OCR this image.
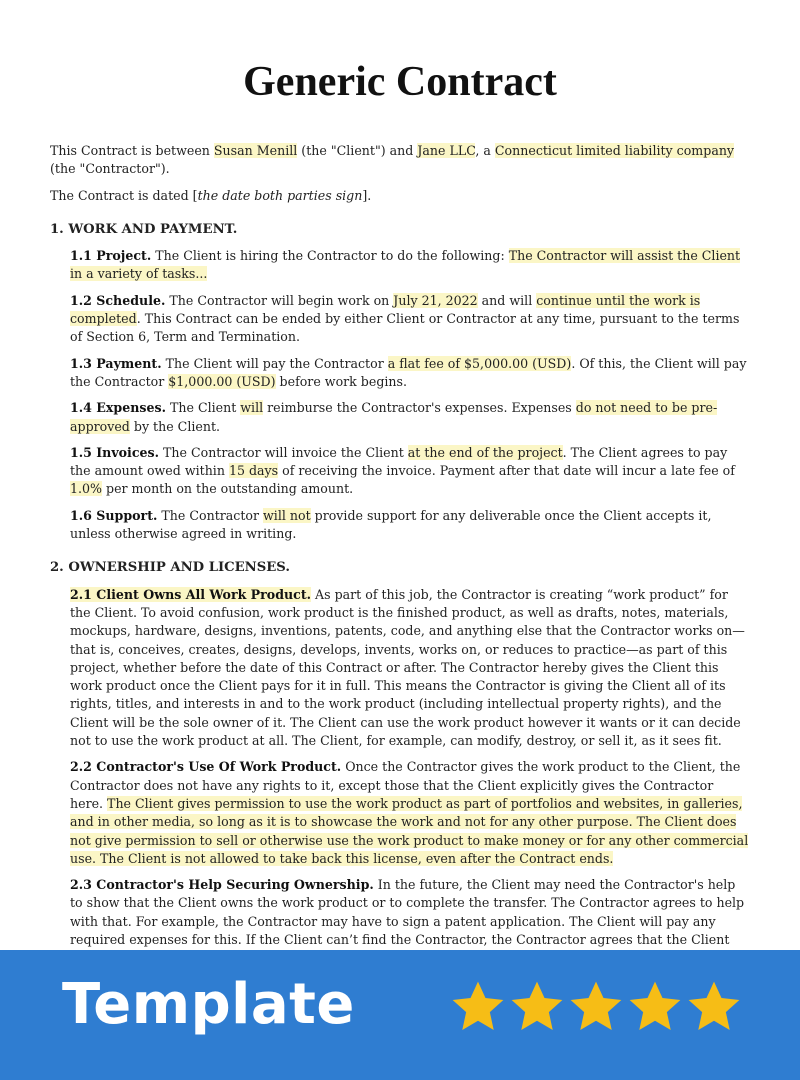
Generic Contract

This Contract is between Susan Menill (the "Client") and Jane LLC, a Connecticut limited liability company (the "Contractor").

The Contract is dated [the date both parties sign].

1. WORK AND PAYMENT.

1.1 Project. The Client is hiring the Contractor to do the following: The Contractor will assist the Client in a variety of tasks...

1.2 Schedule. The Contractor will begin work on July 21, 2022 and will continue until the work is completed. This Contract can be ended by either Client or Contractor at any time, pursuant to the terms of Section 6, Term and Termination.

1.3 Payment. The Client will pay the Contractor a flat fee of $5,000.00 (USD). Of this, the Client will pay the Contractor $1,000.00 (USD) before work begins.

1.4 Expenses. The Client will reimburse the Contractor's expenses. Expenses do not need to be pre-approved by the Client.

1.5 Invoices. The Contractor will invoice the Client at the end of the project. The Client agrees to pay the amount owed within 15 days of receiving the invoice. Payment after that date will incur a late fee of 1.0% per month on the outstanding amount.

1.6 Support. The Contractor will not provide support for any deliverable once the Client accepts it, unless otherwise agreed in writing.

2. OWNERSHIP AND LICENSES.

2.1 Client Owns All Work Product. As part of this job, the Contractor is creating “work product” for the Client. To avoid confusion, work product is the finished product, as well as drafts, notes, materials, mockups, hardware, designs, inventions, patents, code, and anything else that the Contractor works on—that is, conceives, creates, designs, develops, invents, works on, or reduces to practice—as part of this project, whether before the date of this Contract or after. The Contractor hereby gives the Client this work product once the Client pays for it in full. This means the Contractor is giving the Client all of its rights, titles, and interests in and to the work product (including intellectual property rights), and the Client will be the sole owner of it. The Client can use the work product however it wants or it can decide not to use the work product at all. The Client, for example, can modify, destroy, or sell it, as it sees fit.

2.2 Contractor's Use Of Work Product. Once the Contractor gives the work product to the Client, the Contractor does not have any rights to it, except those that the Client explicitly gives the Contractor here. The Client gives permission to use the work product as part of portfolios and websites, in galleries, and in other media, so long as it is to showcase the work and not for any other purpose. The Client does not give permission to sell or otherwise use the work product to make money or for any other commercial use. The Client is not allowed to take back this license, even after the Contract ends.

2.3 Contractor's Help Securing Ownership. In the future, the Client may need the Contractor's help to show that the Client owns the work product or to complete the transfer. The Contractor agrees to help with that. For example, the Contractor may have to sign a patent application. The Client will pay any required expenses for this. If the Client can’t find the Contractor, the Contractor agrees that the Client

Template
